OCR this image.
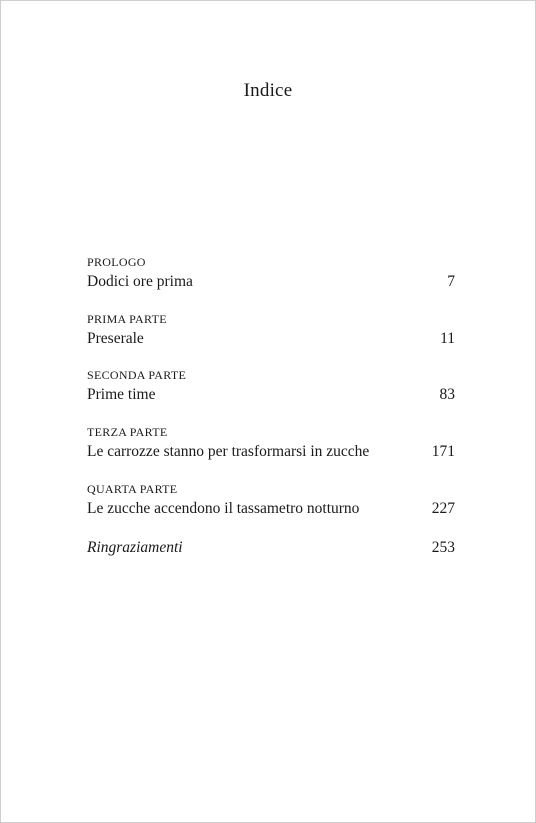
Indice
PROLOGO
Dodici ore prima	7
PRIMA PARTE
Preserale	11
SECONDA PARTE
Prime time	83
TERZA PARTE
Le carrozze stanno per trasformarsi in zucche	171
QUARTA PARTE
Le zucche accendono il tassametro notturno	227
Ringraziamenti	253
